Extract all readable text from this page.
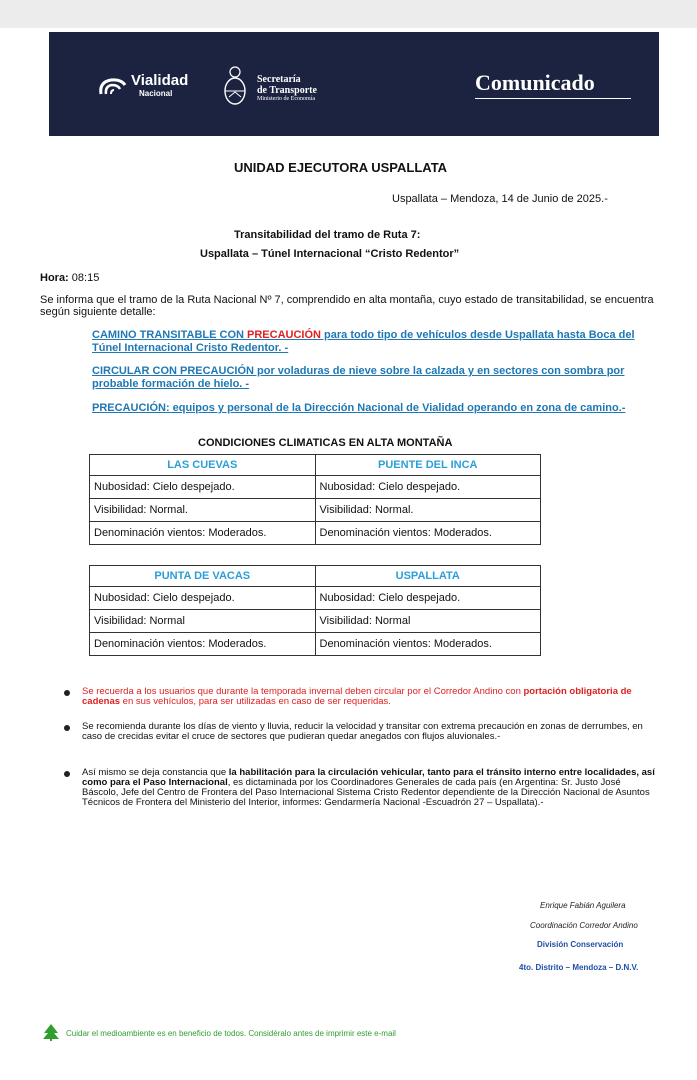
Vialidad
Nacional
Secretaría
de Transporte
Ministerio de Economía
Comunicado
UNIDAD EJECUTORA USPALLATA
Uspallata – Mendoza, 14 de Junio de 2025.-
Transitabilidad del tramo de Ruta 7:
Uspallata – Túnel Internacional “Cristo Redentor”
Hora: 08:15
Se informa que el tramo de la Ruta Nacional Nº 7, comprendido en alta montaña, cuyo estado de transitabilidad, se encuentra según siguiente detalle:
CAMINO TRANSITABLE CON PRECAUCIÓN para todo tipo de vehículos desde Uspallata hasta Boca del Túnel Internacional Cristo Redentor. -
CIRCULAR CON PRECAUCIÓN por voladuras de nieve sobre la calzada y en sectores con sombra por probable formación de hielo. -
PRECAUCIÓN: equipos y personal de la Dirección Nacional de Vialidad operando en zona de camino.-
CONDICIONES CLIMATICAS EN ALTA MONTAÑA
LAS CUEVAS	PUENTE DEL INCA
Nubosidad: Cielo despejado.	Nubosidad: Cielo despejado.
Visibilidad: Normal.	Visibilidad: Normal.
Denominación vientos: Moderados.	Denominación vientos: Moderados.
PUNTA DE VACAS	USPALLATA
Nubosidad: Cielo despejado.	Nubosidad: Cielo despejado.
Visibilidad: Normal	Visibilidad: Normal
Denominación vientos: Moderados.	Denominación vientos: Moderados.
Se recuerda a los usuarios que durante la temporada invernal deben circular por el Corredor Andino con portación obligatoria de cadenas en sus vehículos, para ser utilizadas en caso de ser requeridas.
Se recomienda durante los días de viento y lluvia, reducir la velocidad y transitar con extrema precaución en zonas de derrumbes, en caso de crecidas evitar el cruce de sectores que pudieran quedar anegados con flujos aluvionales.-
Así mismo se deja constancia que la habilitación para la circulación vehicular, tanto para el tránsito interno entre localidades, así como para el Paso Internacional, es dictaminada por los Coordinadores Generales de cada país (en Argentina: Sr. Justo José Báscolo, Jefe del Centro de Frontera del Paso Internacional Sistema Cristo Redentor dependiente de la Dirección Nacional de Asuntos Técnicos de Frontera del Ministerio del Interior, informes: Gendarmería Nacional -Escuadrón 27 – Uspallata).-
Enrique Fabián Aguilera
Coordinación Corredor Andino
División Conservación
4to. Distrito – Mendoza – D.N.V.
Cuidar el medioambiente es en beneficio de todos. Considéralo antes de imprimir este e-mail
